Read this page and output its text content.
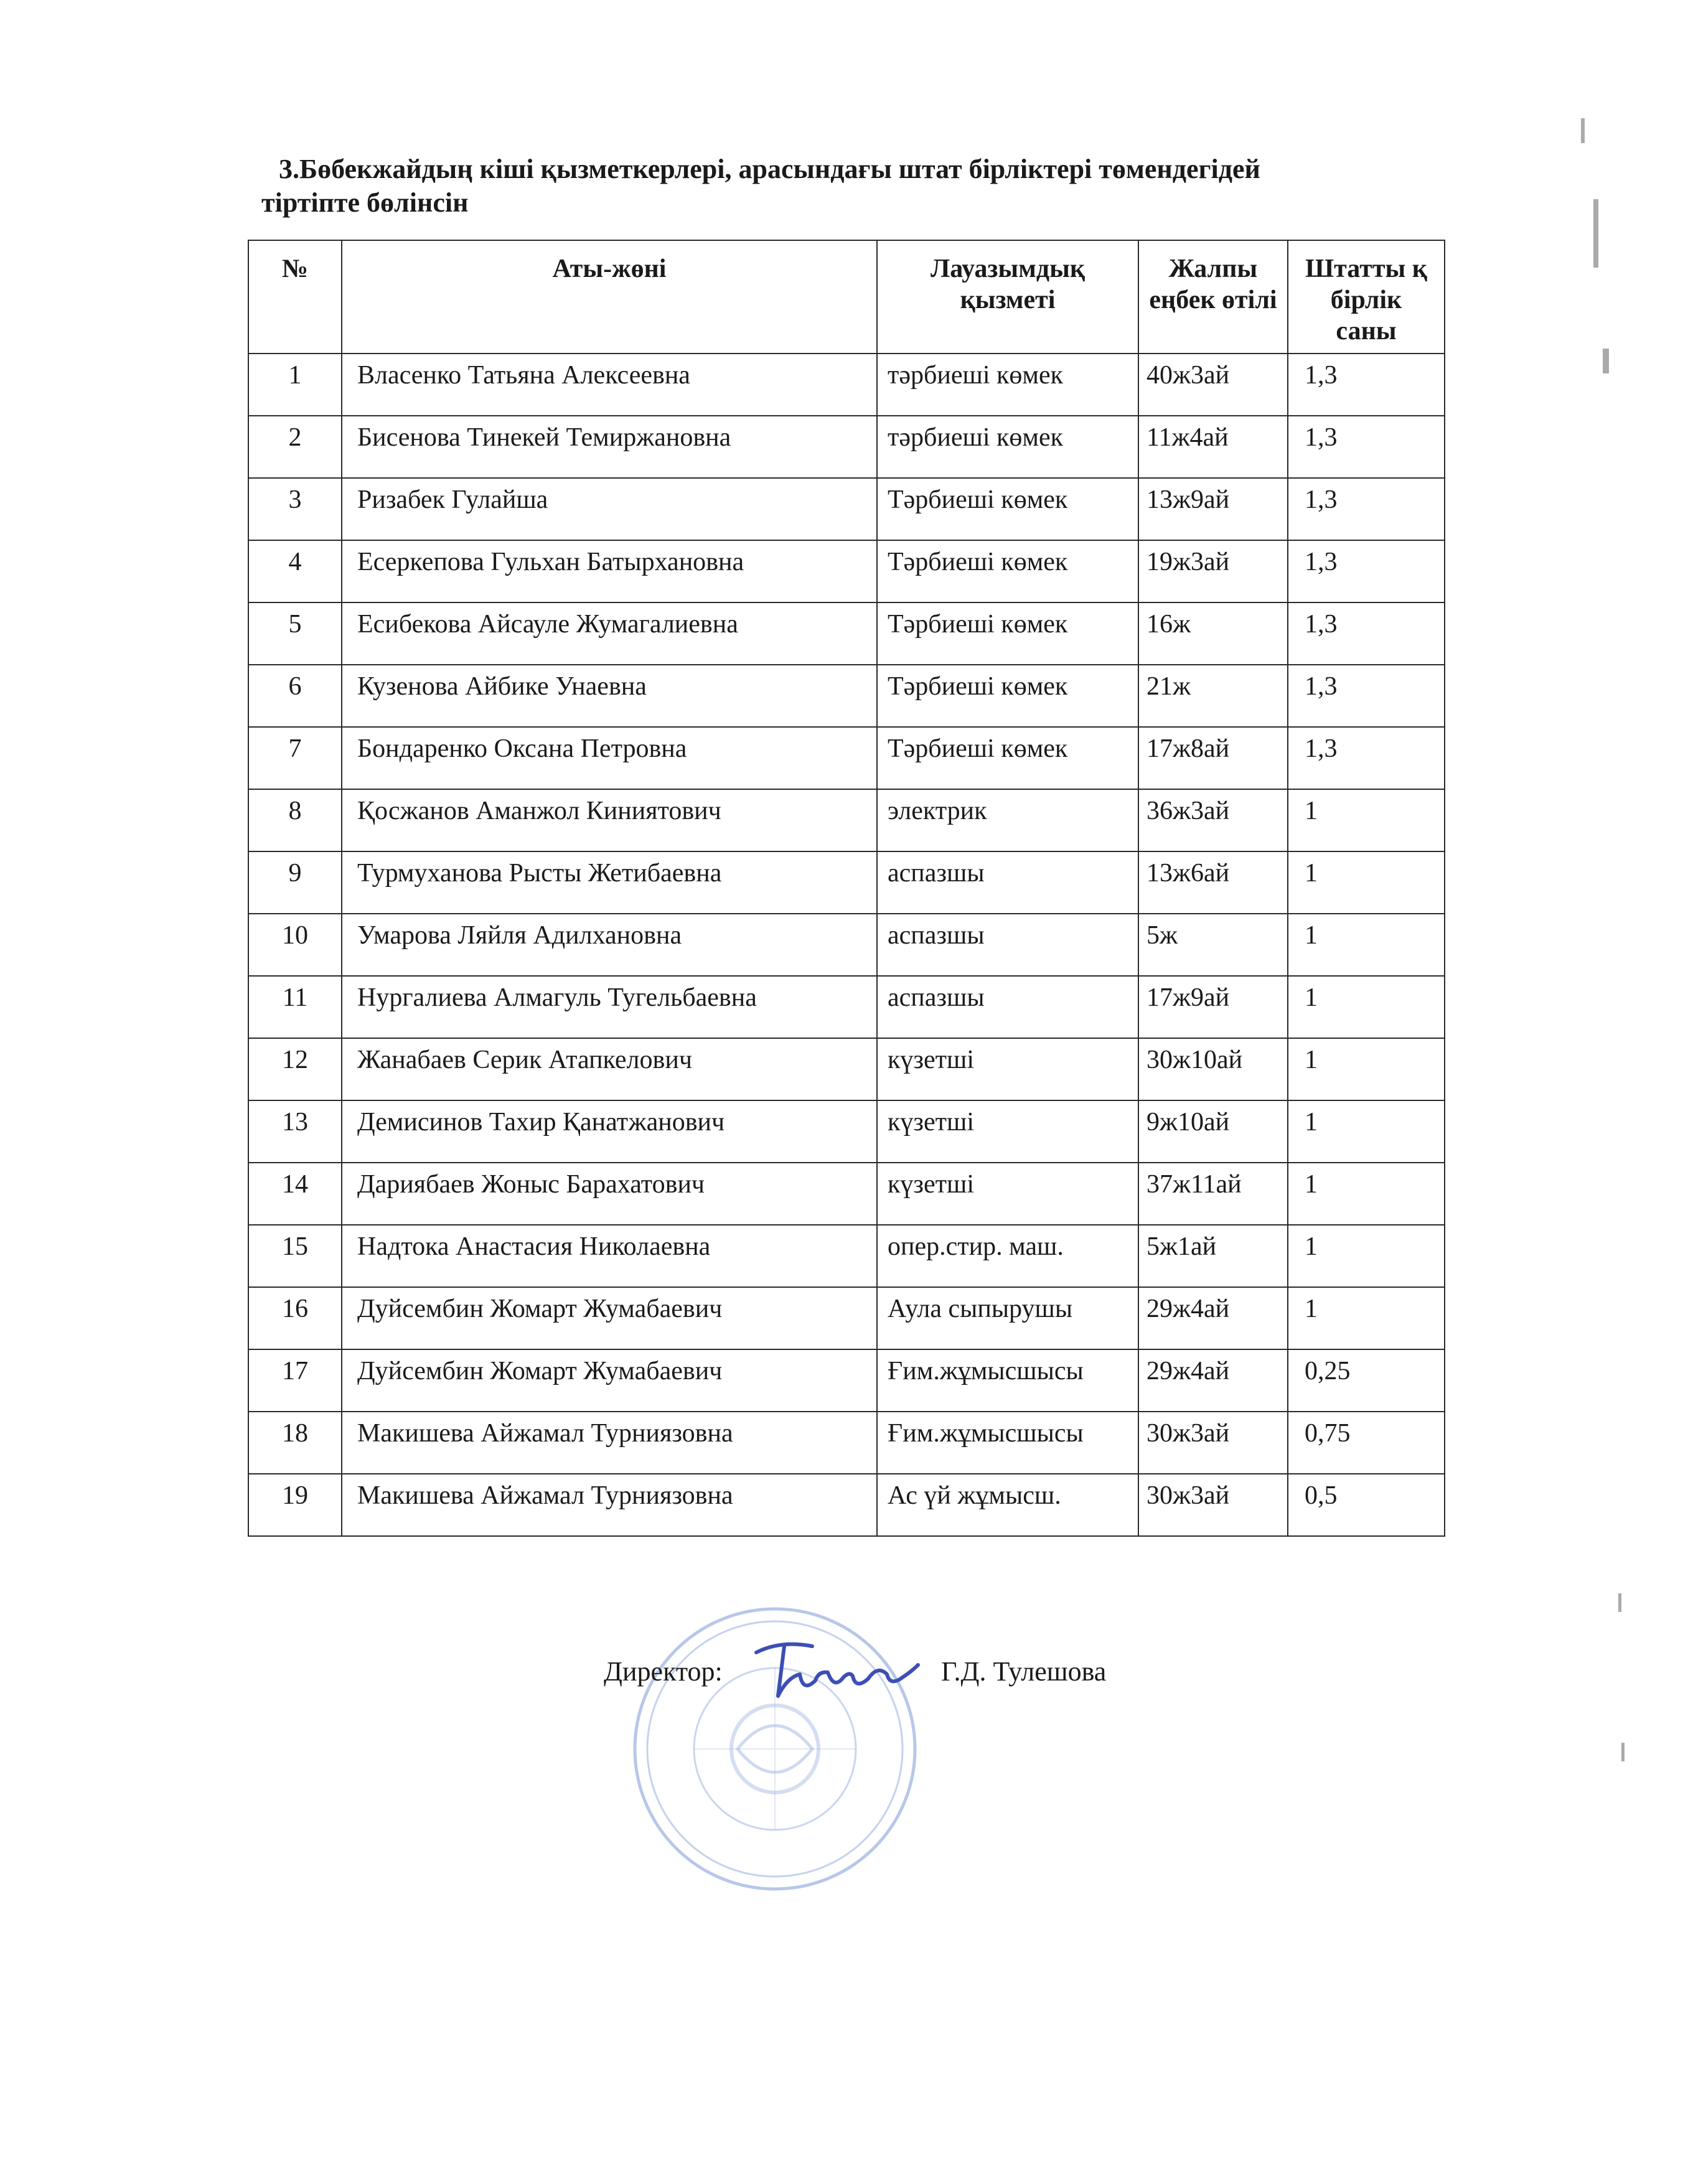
3.Бөбекжайдың кіші қызметкерлері, арасындағы штат бірліктері төмендегідей
тіртіпте бөлінсін
№	Аты-жөні	Лауазымдық қызметі	Жалпы еңбек өтілі	Штатты қ бірлік саны
1	Власенко Татьяна Алексеевна	тәрбиеші көмек	40ж3ай	1,3
2	Бисенова Тинекей Темиржановна	тәрбиеші көмек	11ж4ай	1,3
3	Ризабек Гулайша	Тәрбиеші көмек	13ж9ай	1,3
4	Есеркепова Гульхан Батырхановна	Тәрбиеші көмек	19ж3ай	1,3
5	Есибекова Айсауле Жумагалиевна	Тәрбиеші көмек	16ж	1,3
6	Кузенова Айбике Унаевна	Тәрбиеші көмек	21ж	1,3
7	Бондаренко Оксана Петровна	Тәрбиеші көмек	17ж8ай	1,3
8	Қосжанов Аманжол Киниятович	электрик	36ж3ай	1
9	Турмуханова Рысты Жетибаевна	аспазшы	13ж6ай	1
10	Умарова Ляйля Адилхановна	аспазшы	5ж	1
11	Нургалиева Алмагуль Тугельбаевна	аспазшы	17ж9ай	1
12	Жанабаев Серик Атапкелович	күзетші	30ж10ай	1
13	Демисинов Тахир Қанатжанович	күзетші	9ж10ай	1
14	Дариябаев Жоныс Барахатович	күзетші	37ж11ай	1
15	Надтока Анастасия Николаевна	опер.стир. маш.	5ж1ай	1
16	Дуйсембин Жомарт Жумабаевич	Аула сыпырушы	29ж4ай	1
17	Дуйсембин Жомарт Жумабаевич	Ғим.жұмысшысы	29ж4ай	0,25
18	Макишева Айжамал Турниязовна	Ғим.жұмысшысы	30ж3ай	0,75
19	Макишева Айжамал Турниязовна	Ас үй жұмысш.	30ж3ай	0,5
Директор:	Г.Д. Тулешова
